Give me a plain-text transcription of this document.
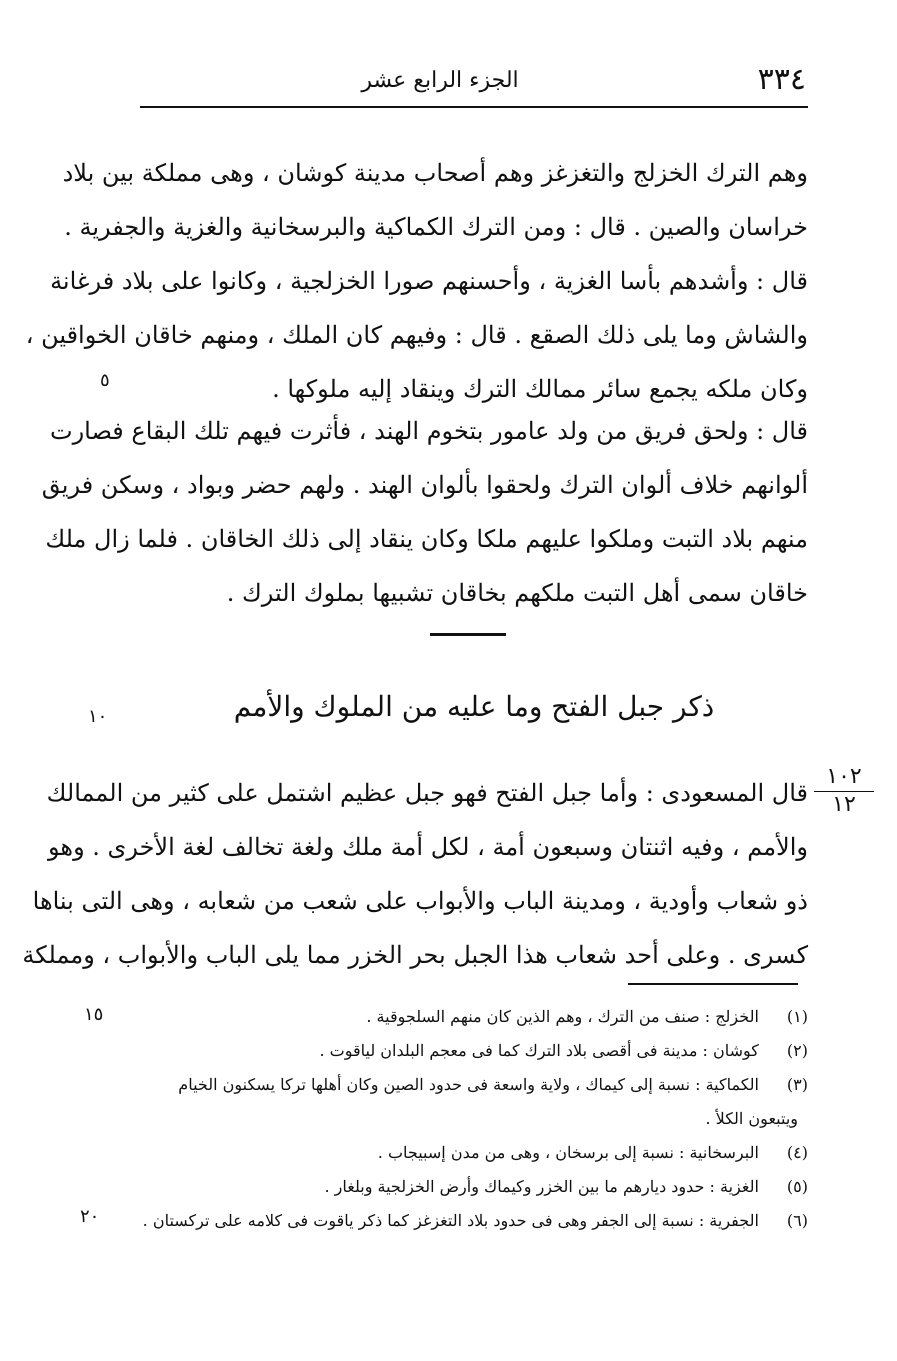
٣٣٤
الجزء الرابع عشر
وهم الترك الخزلج والتغزغز وهم أصحاب مدينة كوشان ، وهى مملكة بين بلاد
خراسان والصين . قال : ومن الترك الكماكية والبرسخانية والغزية والجفرية .
قال : وأشدهم بأسا الغزية ، وأحسنهم صورا الخزلجية ، وكانوا على بلاد فرغانة
والشاش وما يلى ذلك الصقع . قال : وفيهم كان الملك ، ومنهم خاقان الخواقين ،
وكان ملكه يجمع سائر ممالك الترك وينقاد إليه ملوكها .
قال : ولحق فريق من ولد عامور بتخوم الهند ، فأثرت فيهم تلك البقاع فصارت
ألوانهم خلاف ألوان الترك ولحقوا بألوان الهند . ولهم حضر وبواد ، وسكن فريق
منهم بلاد التبت وملكوا عليهم ملكا وكان ينقاد إلى ذلك الخاقان . فلما زال ملك
خاقان سمى أهل التبت ملكهم بخاقان تشبيها بملوك الترك .
ذكر جبل الفتح وما عليه من الملوك والأمم
قال المسعودى : وأما جبل الفتح فهو جبل عظيم اشتمل على كثير من الممالك
والأمم ، وفيه اثنتان وسبعون أمة ، لكل أمة ملك ولغة تخالف لغة الأخرى . وهو
ذو شعاب وأودية ، ومدينة الباب والأبواب على شعب من شعابه ، وهى التى بناها
كسرى . وعلى أحد شعاب هذا الجبل بحر الخزر مما يلى الباب والأبواب ، ومملكة
٥
١٠
١٥
٢٠
١٠٢
١٢
(١) الخزلج : صنف من الترك ، وهم الذين كان منهم السلجوقية .
(٢) كوشان : مدينة فى أقصى بلاد الترك كما فى معجم البلدان لياقوت .
(٣) الكماكية : نسبة إلى كيماك ، ولاية واسعة فى حدود الصين وكان أهلها تركا يسكنون الخيام
ويتبعون الكلأ .
(٤) البرسخانية : نسبة إلى برسخان ، وهى من مدن إسبيجاب .
(٥) الغزية : حدود ديارهم ما بين الخزر وكيماك وأرض الخزلجية وبلغار .
(٦) الجفرية : نسبة إلى الجفر وهى فى حدود بلاد التغزغز كما ذكر ياقوت فى كلامه على تركستان .
